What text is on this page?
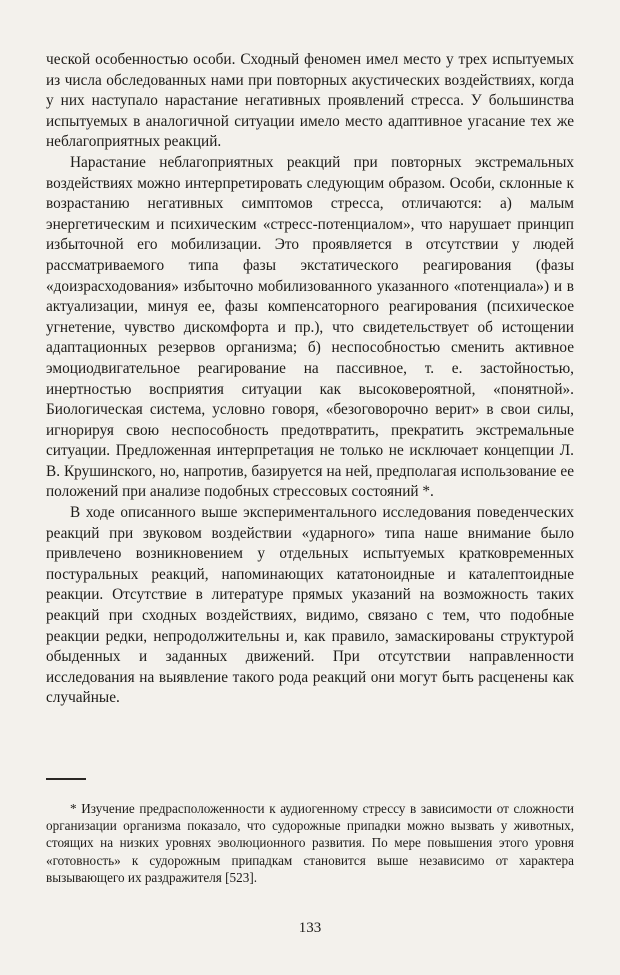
ческой особенностью особи. Сходный феномен имел место у трех испытуемых из числа обследованных нами при повторных акустических воздействиях, когда у них наступало нарастание негативных проявлений стресса. У большинства испытуемых в аналогичной ситуации имело место адаптивное угасание тех же неблагоприятных реакций.

Нарастание неблагоприятных реакций при повторных экстремальных воздействиях можно интерпретировать следующим образом. Особи, склонные к возрастанию негативных симптомов стресса, отличаются: а) малым энергетическим и психическим «стресс-потенциалом», что нарушает принцип избыточной его мобилизации. Это проявляется в отсутствии у людей рассматриваемого типа фазы экстатического реагирования (фазы «доизрасходования» избыточно мобилизованного указанного «потенциала») и в актуализации, минуя ее, фазы компенсаторного реагирования (психическое угнетение, чувство дискомфорта и пр.), что свидетельствует об истощении адаптационных резервов организма; б) неспособностью сменить активное эмоциодвигательное реагирование на пассивное, т. е. застойностью, инертностью восприятия ситуации как высоковероятной, «понятной». Биологическая система, условно говоря, «безоговорочно верит» в свои силы, игнорируя свою неспособность предотвратить, прекратить экстремальные ситуации. Предложенная интерпретация не только не исключает концепции Л. В. Крушинского, но, напротив, базируется на ней, предполагая использование ее положений при анализе подобных стрессовых состояний *.

В ходе описанного выше экспериментального исследования поведенческих реакций при звуковом воздействии «ударного» типа наше внимание было привлечено возникновением у отдельных испытуемых кратковременных постуральных реакций, напоминающих кататоноидные и каталептоидные реакции. Отсутствие в литературе прямых указаний на возможность таких реакций при сходных воздействиях, видимо, связано с тем, что подобные реакции редки, непродолжительны и, как правило, замаскированы структурой обыденных и заданных движений. При отсутствии направленности исследования на выявление такого рода реакций они могут быть расценены как случайные.

* Изучение предрасположенности к аудиогенному стрессу в зависимости от сложности организации организма показало, что судорожные припадки можно вызвать у животных, стоящих на низких уровнях эволюционного развития. По мере повышения этого уровня «готовность» к судорожным припадкам становится выше независимо от характера вызывающего их раздражителя [523].
133
